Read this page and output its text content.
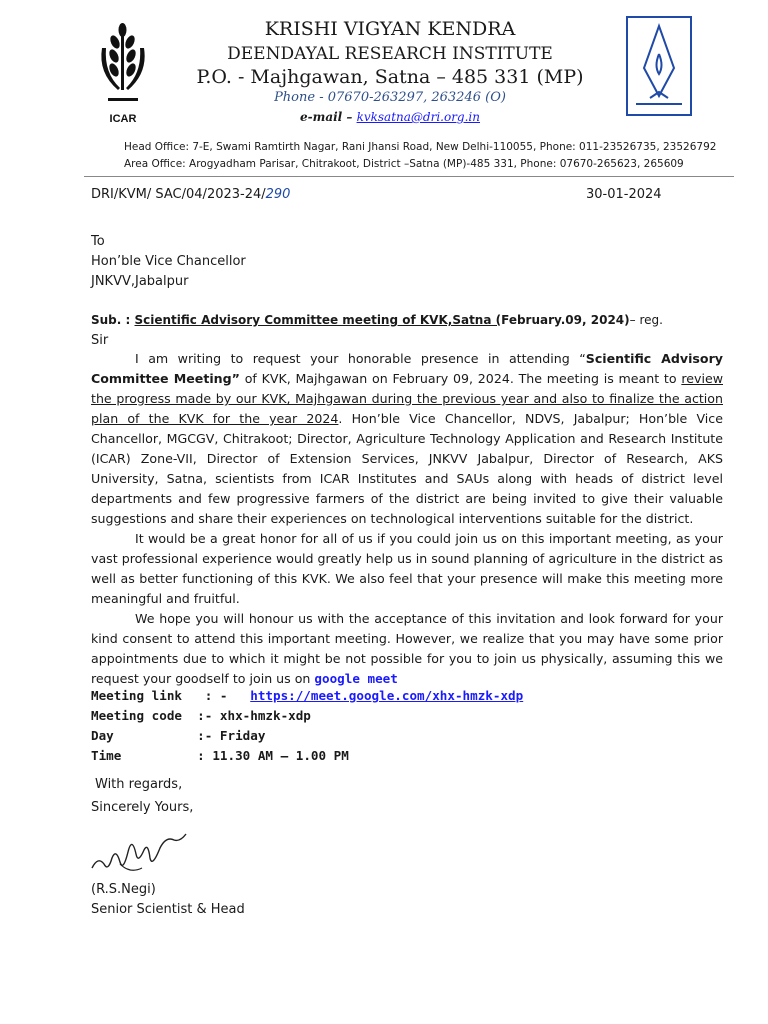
ICAR
KRISHI VIGYAN KENDRA
DEENDAYAL RESEARCH INSTITUTE
P.O. - Majhgawan, Satna – 485 331 (MP)
Phone - 07670-263297, 263246 (O)
e-mail – kvksatna@dri.org.in
Head Office: 7-E, Swami Ramtirth Nagar, Rani Jhansi Road, New Delhi-110055, Phone: 011-23526735, 23526792
Area Office: Arogyadham Parisar, Chitrakoot, District –Satna (MP)-485 331, Phone: 07670-265623, 265609
DRI/KVM/ SAC/04/2023-24/290	30-01-2024
To
Hon’ble Vice Chancellor
JNKVV,Jabalpur
Sub. : Scientific Advisory Committee meeting of KVK,Satna (February.09, 2024)– reg.
Sir
I am writing to request your honorable presence in attending “Scientific Advisory Committee Meeting” of KVK, Majhgawan on February 09, 2024. The meeting is meant to review the progress made by our KVK, Majhgawan during the previous year and also to finalize the action plan of the KVK for the year 2024. Hon’ble Vice Chancellor, NDVS, Jabalpur; Hon’ble Vice Chancellor, MGCGV, Chitrakoot; Director, Agriculture Technology Application and Research Institute (ICAR) Zone-VII, Director of Extension Services, JNKVV Jabalpur, Director of Research, AKS University, Satna, scientists from ICAR Institutes and SAUs along with heads of district level departments and few progressive farmers of the district are being invited to give their valuable suggestions and share their experiences on technological interventions suitable for the district.
It would be a great honor for all of us if you could join us on this important meeting, as your vast professional experience would greatly help us in sound planning of agriculture in the district as well as better functioning of this KVK. We also feel that your presence will make this meeting more meaningful and fruitful.
We hope you will honour us with the acceptance of this invitation and look forward for your kind consent to attend this important meeting. However, we realize that you may have some prior appointments due to which it might be not possible for you to join us physically, assuming this we request your goodself to join us on google meet
Meeting link   : -   https://meet.google.com/xhx-hmzk-xdp
Meeting code  :- xhx-hmzk-xdp
Day           :- Friday
Time          : 11.30 AM – 1.00 PM
With regards,
Sincerely Yours,
(R.S.Negi)
Senior Scientist & Head
